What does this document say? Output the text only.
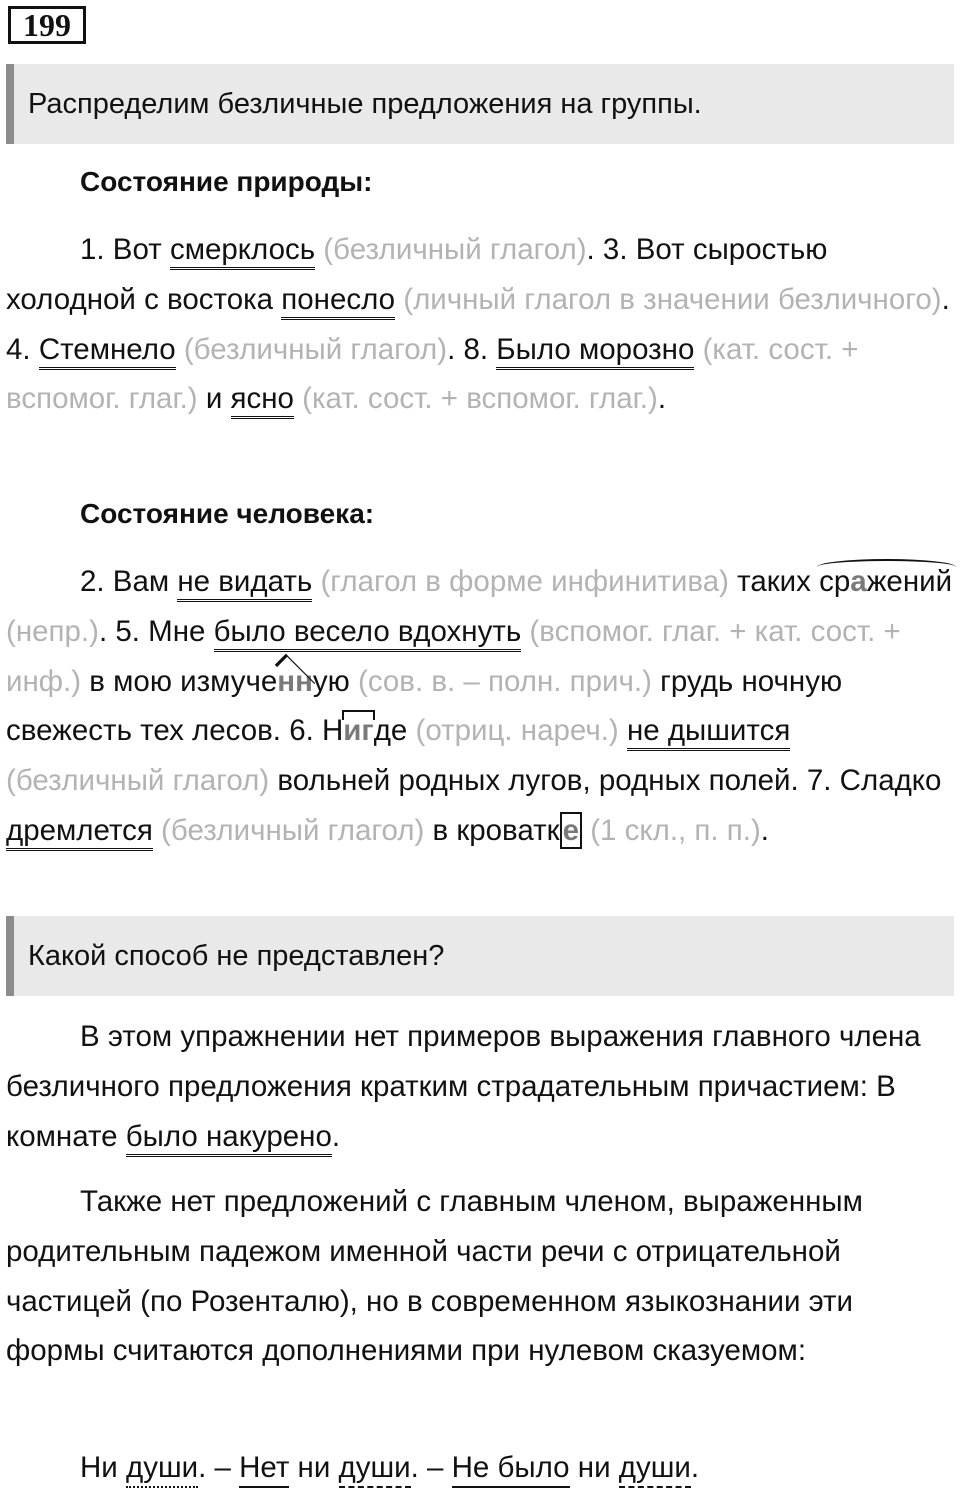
199
Распределим безличные предложения на группы.
Состояние природы:

1. Вот смерклось (безличный глагол). 3. Вот сыростью холодной с востока понесло (личный глагол в значении безличного). 4. Стемнело (безличный глагол). 8. Было морозно (кат. сост. + вспомог. глаг.) и ясно (кат. сост. + вспомог. глаг.).

Состояние человека:

2. Вам не видать (глагол в форме инфинитива) таких сражений (непр.). 5. Мне было весело вдохнуть (вспомог. глаг. + кат. сост. + инф.) в мою измученную (сов. в. – полн. прич.) грудь ночную свежесть тех лесов. 6. Нигде (отриц. нареч.) не дышится (безличный глагол) вольней родных лугов, родных полей. 7. Сладко дремлется (безличный глагол) в кроватк е (1 скл., п. п.).

Какой способ не представлен?

В этом упражнении нет примеров выражения главного члена безличного предложения кратким страдательным причастием: В комнате было накурено.

Также нет предложений с главным членом, выраженным родительным падежом именной части речи с отрицательной частицей (по Розенталю), но в современном языкознании эти формы считаются дополнениями при нулевом сказуемом:

Ни души. – Нет ни души. – Не было ни души.
